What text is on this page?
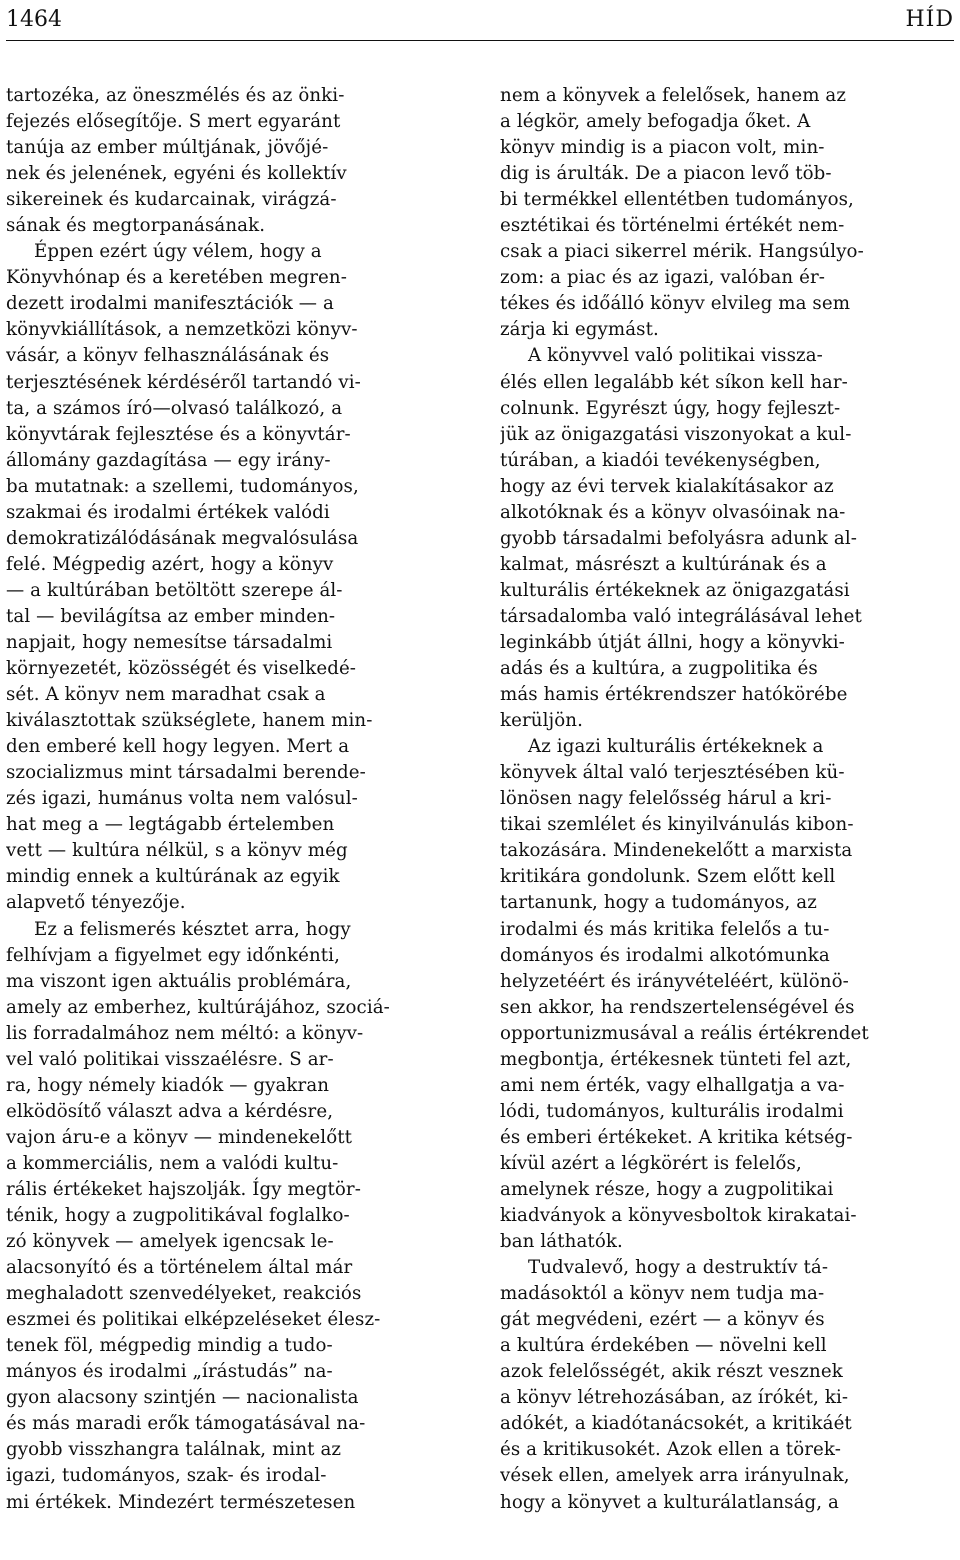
1464	HÍD
tartozéka, az öneszmélés és az önki-
fejezés elősegítője. S mert egyaránt
tanúja az ember múltjának, jövőjé-
nek és jelenének, egyéni és kollektív
sikereinek és kudarcainak, virágzá-
sának és megtorpanásának.
Éppen ezért úgy vélem, hogy a
Könyvhónap és a keretében megren-
dezett irodalmi manifesztációk — a
könyvkiállítások, a nemzetközi könyv-
vásár, a könyv felhasználásának és
terjesztésének kérdéséről tartandó vi-
ta, a számos író—olvasó találkozó, a
könyvtárak fejlesztése és a könyvtár-
állomány gazdagítása — egy irány-
ba mutatnak: a szellemi, tudományos,
szakmai és irodalmi értékek valódi
demokratizálódásának megvalósulása
felé. Mégpedig azért, hogy a könyv
— a kultúrában betöltött szerepe ál-
tal — bevilágítsa az ember minden-
napjait, hogy nemesítse társadalmi
környezetét, közösségét és viselkedé-
sét. A könyv nem maradhat csak a
kiválasztottak szükséglete, hanem min-
den emberé kell hogy legyen. Mert a
szocializmus mint társadalmi berende-
zés igazi, humánus volta nem valósul-
hat meg a — legtágabb értelemben
vett — kultúra nélkül, s a könyv még
mindig ennek a kultúrának az egyik
alapvető tényezője.
Ez a felismerés késztet arra, hogy
felhívjam a figyelmet egy időnkénti,
ma viszont igen aktuális problémára,
amely az emberhez, kultúrájához, szociá-
lis forradalmához nem méltó: a könyv-
vel való politikai visszaélésre. S ar-
ra, hogy némely kiadók — gyakran
elködösítő választ adva a kérdésre,
vajon áru-e a könyv — mindenekelőtt
a kommerciális, nem a valódi kultu-
rális értékeket hajszolják. Így megtör-
ténik, hogy a zugpolitikával foglalko-
zó könyvek — amelyek igencsak le-
alacsonyító és a történelem által már
meghaladott szenvedélyeket, reakciós
eszmei és politikai elképzeléseket élesz-
tenek föl, mégpedig mindig a tudo-
mányos és irodalmi „írástudás” na-
gyon alacsony szintjén — nacionalista
és más maradi erők támogatásával na-
gyobb visszhangra találnak, mint az
igazi, tudományos, szak- és irodal-
mi értékek. Mindezért természetesen
nem a könyvek a felelősek, hanem az
a légkör, amely befogadja őket. A
könyv mindig is a piacon volt, min-
dig is árulták. De a piacon levő töb-
bi termékkel ellentétben tudományos,
esztétikai és történelmi értékét nem-
csak a piaci sikerrel mérik. Hangsúlyo-
zom: a piac és az igazi, valóban ér-
tékes és időálló könyv elvileg ma sem
zárja ki egymást.
A könyvvel való politikai vissza-
élés ellen legalább két síkon kell har-
colnunk. Egyrészt úgy, hogy fejleszt-
jük az önigazgatási viszonyokat a kul-
túrában, a kiadói tevékenységben,
hogy az évi tervek kialakításakor az
alkotóknak és a könyv olvasóinak na-
gyobb társadalmi befolyásra adunk al-
kalmat, másrészt a kultúrának és a
kulturális értékeknek az önigazgatási
társadalomba való integrálásával lehet
leginkább útját állni, hogy a könyvki-
adás és a kultúra, a zugpolitika és
más hamis értékrendszer hatókörébe
kerüljön.
Az igazi kulturális értékeknek a
könyvek által való terjesztésében kü-
lönösen nagy felelősség hárul a kri-
tikai szemlélet és kinyilvánulás kibon-
takozására. Mindenekelőtt a marxista
kritikára gondolunk. Szem előtt kell
tartanunk, hogy a tudományos, az
irodalmi és más kritika felelős a tu-
dományos és irodalmi alkotómunka
helyzetéért és irányvételéért, különö-
sen akkor, ha rendszertelenségével és
opportunizmusával a reális értékrendet
megbontja, értékesnek tünteti fel azt,
ami nem érték, vagy elhallgatja a va-
lódi, tudományos, kulturális irodalmi
és emberi értékeket. A kritika kétség-
kívül azért a légkörért is felelős,
amelynek része, hogy a zugpolitikai
kiadványok a könyvesboltok kirakatai-
ban láthatók.
Tudvalevő, hogy a destruktív tá-
madásoktól a könyv nem tudja ma-
gát megvédeni, ezért — a könyv és
a kultúra érdekében — növelni kell
azok felelősségét, akik részt vesznek
a könyv létrehozásában, az írókét, ki-
adókét, a kiadótanácsokét, a kritikáét
és a kritikusokét. Azok ellen a törek-
vések ellen, amelyek arra irányulnak,
hogy a könyvet a kulturálatlanság, a
